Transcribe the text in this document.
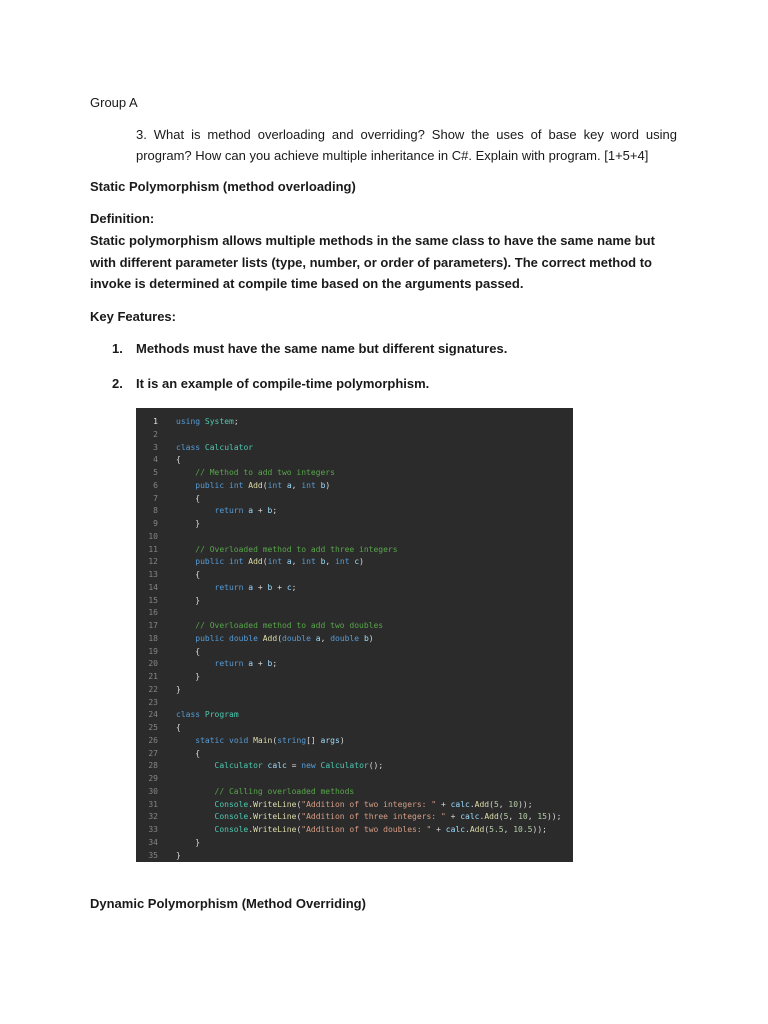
Group A
3. What is method overloading and overriding? Show the uses of base key word using program? How can you achieve multiple inheritance in C#. Explain with program. [1+5+4]
Static Polymorphism (method overloading)
Definition:
Static polymorphism allows multiple methods in the same class to have the same name but with different parameter lists (type, number, or order of parameters). The correct method to invoke is determined at compile time based on the arguments passed.
Key Features:
1. Methods must have the same name but different signatures.
2. It is an example of compile-time polymorphism.
1 using System;
2
3 class Calculator
4 {
5	// Method to add two integers
6	public int Add(int a, int b)
7 {
8	return a + b;
9 }
10
11	// Overloaded method to add three integers
12	public int Add(int a, int b, int c)
13 {
14	return a + b + c;
15 }
16
17	// Overloaded method to add two doubles
18	public double Add(double a, double b)
19 {
20	return a + b;
21 }
22 }
23
24 class Program
25 {
26	static void Main(string[] args)
27 {
28	Calculator calc = new Calculator();
29
30	// Calling overloaded methods
31	Console.WriteLine("Addition of two integers: " + calc.Add(5, 10));
32	Console.WriteLine("Addition of three integers: " + calc.Add(5, 10, 15));
33	Console.WriteLine("Addition of two doubles: " + calc.Add(5.5, 10.5));
34 }
35 }
Dynamic Polymorphism (Method Overriding)
